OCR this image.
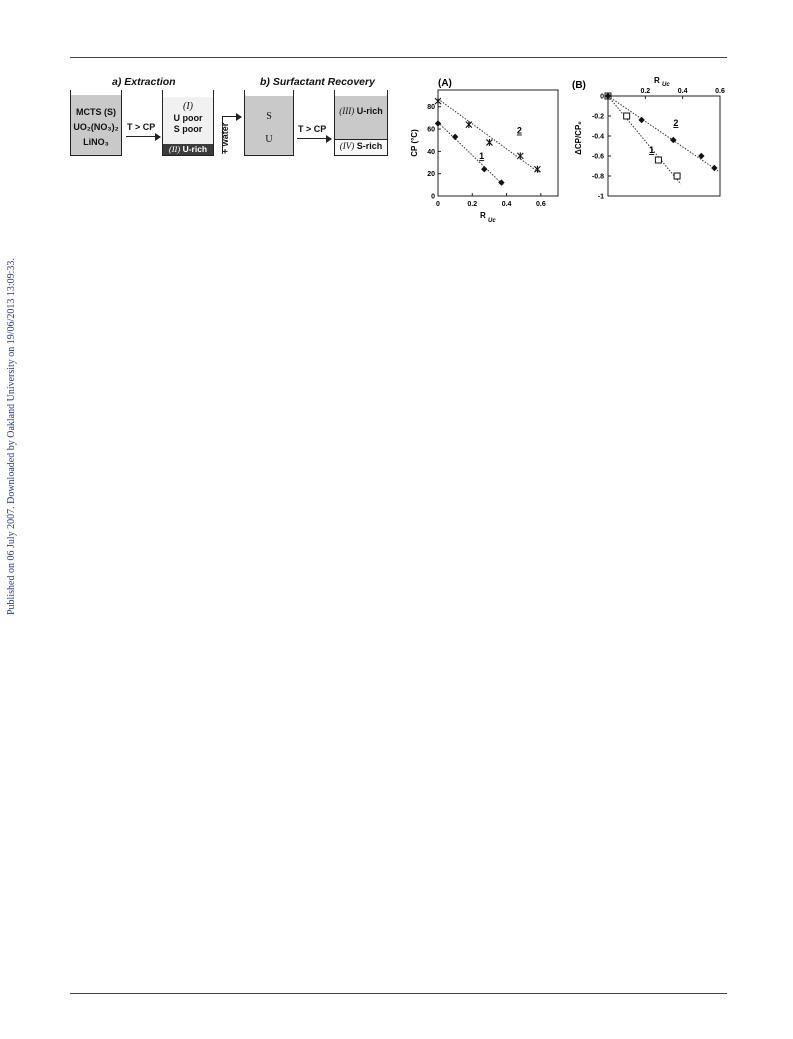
Published on 06 July 2007. Downloaded by Oakland University on 19/06/2013 13:09:33.
a) Extraction	b) Surfactant Recovery
MCTS (S)
UO₂(NO₃)₂
LiNO₃
T > CP
(I)
U poor
S poor
(II) U-rich	+ water
S
U
T > CP
(III) U-rich
(IV) S-rich
(A)
0	0.2	0.4	0.6
0
20
40
60
80
CP (°C)
R
Uc
1
2
(B)	R Uc
0.2	0.4	0.6
0
-0.2
-0.4
-0.6
-0.8
-1
ΔCP/CP₀	1
2
